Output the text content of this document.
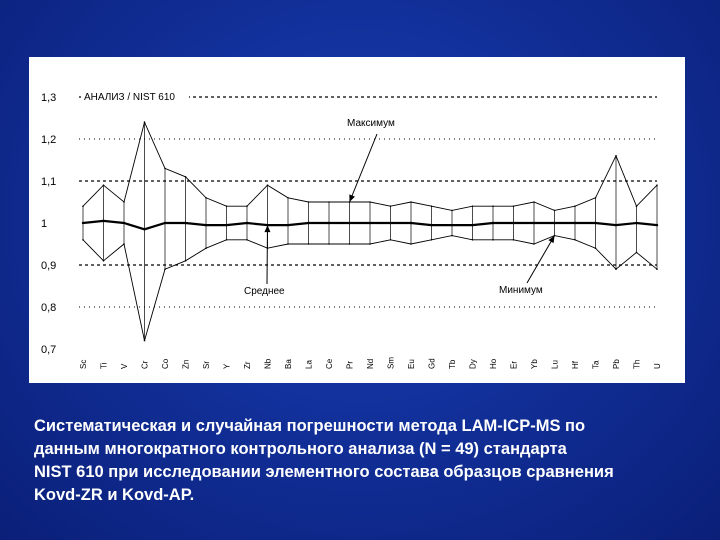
1,3
1,2
1,1
1
0,9
0,8
0,7
Sc Ti V Cr Co Zn Sr Y Zr Nb Ba La Ce Pr Nd Sm Eu Gd Tb Dy Ho Er Yb Lu Hf Ta Pb Th U
Максимум
Среднее	Минимум
АНАЛИЗ / NIST 610
Систематическая и случайная погрешности метода LAM-ICP-MS по
данным многократного контрольного анализа (N = 49) стандарта
NIST 610 при исследовании элементного состава образцов сравнения
Kovd-ZR и Kovd-AP.
